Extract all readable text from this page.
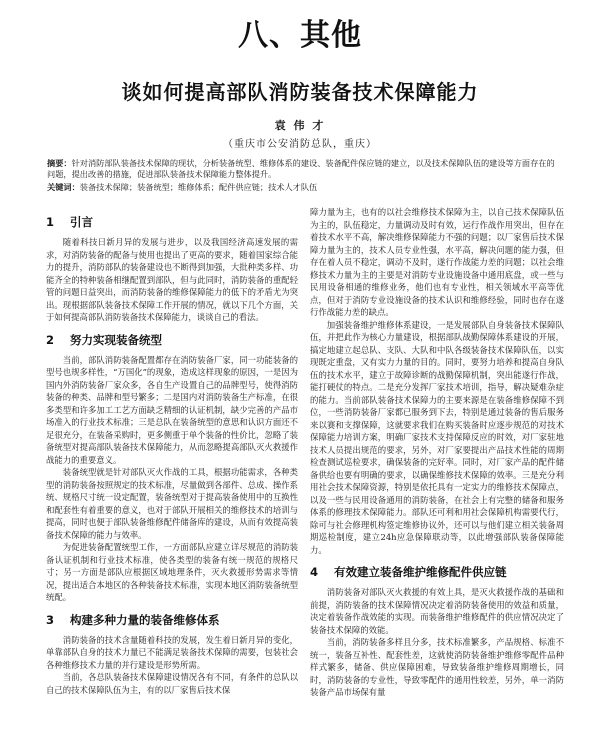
八、其他
谈如何提高部队消防装备技术保障能力
袁 伟 才
（重庆市公安消防总队，重庆）
摘要：针对消防部队装备技术保障的现状，分析装备统型、维修体系的建设、装备配件保应链的建立，以及技术保障队伍的建设等方面存在的问题，提出改善的措施，促进部队装备技术保障能力整体提升。
关键词：装备技术保障；装备统型；维修体系；配件供应链；技术人才队伍
1 引言

随着科技日新月异的发展与进步，以及我国经济高速发展的需求，对消防装备的配备与使用也提出了更高的要求，随着国家综合能力的提升，消防部队的装备建设也不断得到加强，大批种类多样、功能齐全的特种装备相继配置到部队，但与此同时，消防装备的重配轻管的问题日益突出，而消防装备的维修保障能力的低下的矛盾尤为突出。现根据部队装备技术保障工作开展的情况，就以下几个方面，关于如何提高部队消防装备技术保障能力，谈谈自己的看法。

2 努力实现装备统型

当前，部队消防装备配置都存在消防装备厂家，同一功能装备的型号也规多样性，“万国化”的现象，造成这样现象的原因，一是因为国内外消防装备厂家众多，各自生产设置自己的品牌型号，使得消防装备的种类、品牌和型号繁多；二是国内对消防装备生产标准，在很多类型和许多加工工艺方面缺乏精细的认证机制，缺少完善的产品市场准入的行业技术标准；三是总队在装备统型的意思和认识方面还不足很充分，在装备采购时，更多侧重于单个装备的性价比，忽略了装备统型对提高部队装备技术保障能力，从而忽略提高部队灭火救援作战能力的重要意义。

装备统型就是针对部队灭火作战的工具，根据功能需求，各种类型的消防装备按照规定的技术标准，尽量做到各部件、总成、操作系统、规格尺寸统一设定配置，装备统型对于提高装备使用中的互换性和配套性有着重要的意义，也对于部队开展相关的维修技术的培训与提高，同时也便于部队装备维修配件储备库的建设，从而有效提高装备技术保障的能力与效率。

为促进装备配置统型工作，一方面部队应建立详尽规范的消防装备认证机制和行业技术标准，使各类型的装备有统一规范的规格尺寸；另一方面是部队应根据区域地理条件，灭火救援形势需求等情况，提出适合本地区的各种装备技术标准，实现本地区消防装备统型统配。

3 构建多种力量的装备维修体系

消防装备的技术含量随着科技的发展，发生着日新月异的变化，单靠部队自身的技术力量已不能满足装备技术保障的需要，包装社会各种维修技术力量的并行建设是形势所需。

当前，各总队装备技术保障建设情况各有不同，有条件的总队以自己的技术保障队伍为主，有的以厂家售后技术保

障力量为主，也有的以社会维修技术保障为主，以自己技术保障队伍为主的，队伍稳定，力量调动及时有效，运行作战作用突出，但存在着技术水平不高，解决维修保障能力不强的问题；以厂家售后技术保障力量为主的，技术人员专业性强，水平高，解决问题的能力强，但存在着人员不稳定，调动不及时，遂行作战能力差的问题；以社会维修技术力量为主的主要是对消防专业设施设备中通用底盘，或一些与民用设备相通的维修业务，他们也有专业性，相关领域水平高等优点，但对于消防专业设施设备的技术认识和维修经验，同时也存在遂行作战能力差的缺点。

加强装备维护维修体系建设，一是发展部队自身装备技术保障队伍，并把此作为核心力量建设，根据部队战勤保障体系建设的开展，搞定地建立起总队、支队、大队和中队各级装备技术保障队伍，以实现既定重盘，又有实力力量的目的。同时，要努力培养和提高自身队伍的技术水平，建立于故障诊断的战勤保障机制，突出能遂行作战，能打硬仗的特点。二是充分发挥厂家技术培训，指导，解决疑难杂症的能力。当前部队装备技术保障力的主要来源是在装备维修保障不到位，一些消防装备厂家都已服务到下去，特别是通过装备的售后服务来以赛和支撑保障，这就要求我们在购买装备时应逐步规范的对技术保障能力培训方案，明确厂家技术支持保障反应的时效，对厂家驻地技术人员提出规范的要求，另外，对厂家要提出产品技术性能的周期检查测试巡检要求，确保装备的完好率。同时，对厂家产品的配件储备供给也要有明确的要求，以确保维修技术保障的效率。三是充分利用社会技术保障资源，特别是依托具有一定实力的维修技术保障点，以及一些与民用设备通用的消防装备，在社会上有完整的储备和服务体系的修理技术保障能力。部队还可利和用社会保障机构需要代行，除可与社会修理机构签定维修协议外，还可以与他们建立相关装备周期巡检制度，建立24h应急保障联动等，以此增强部队装备保障能力。

4 有效建立装备维护维修配件供应链

消防装备对部队灭火救援的有效上具，是灭火救援作战的基础和前提，消防装备的技术保障情况决定着消防装备使用的效益和质量，决定着装备作战效能的实现。而装备维护维修配件的供应情况决定了装备技术保障的效能。

当前，消防装备多样且分多，技术标准繁多，产品规格、标准不统一，装备互补性、配套性差，这就使消防装备维护维修零配件品种样式繁多，储备、供应保障困难，导致装备维护维修周期增长，同时，消防装备的专业性，导致零配件的通用性较差，另外，单一消防装备产品市场保有量
